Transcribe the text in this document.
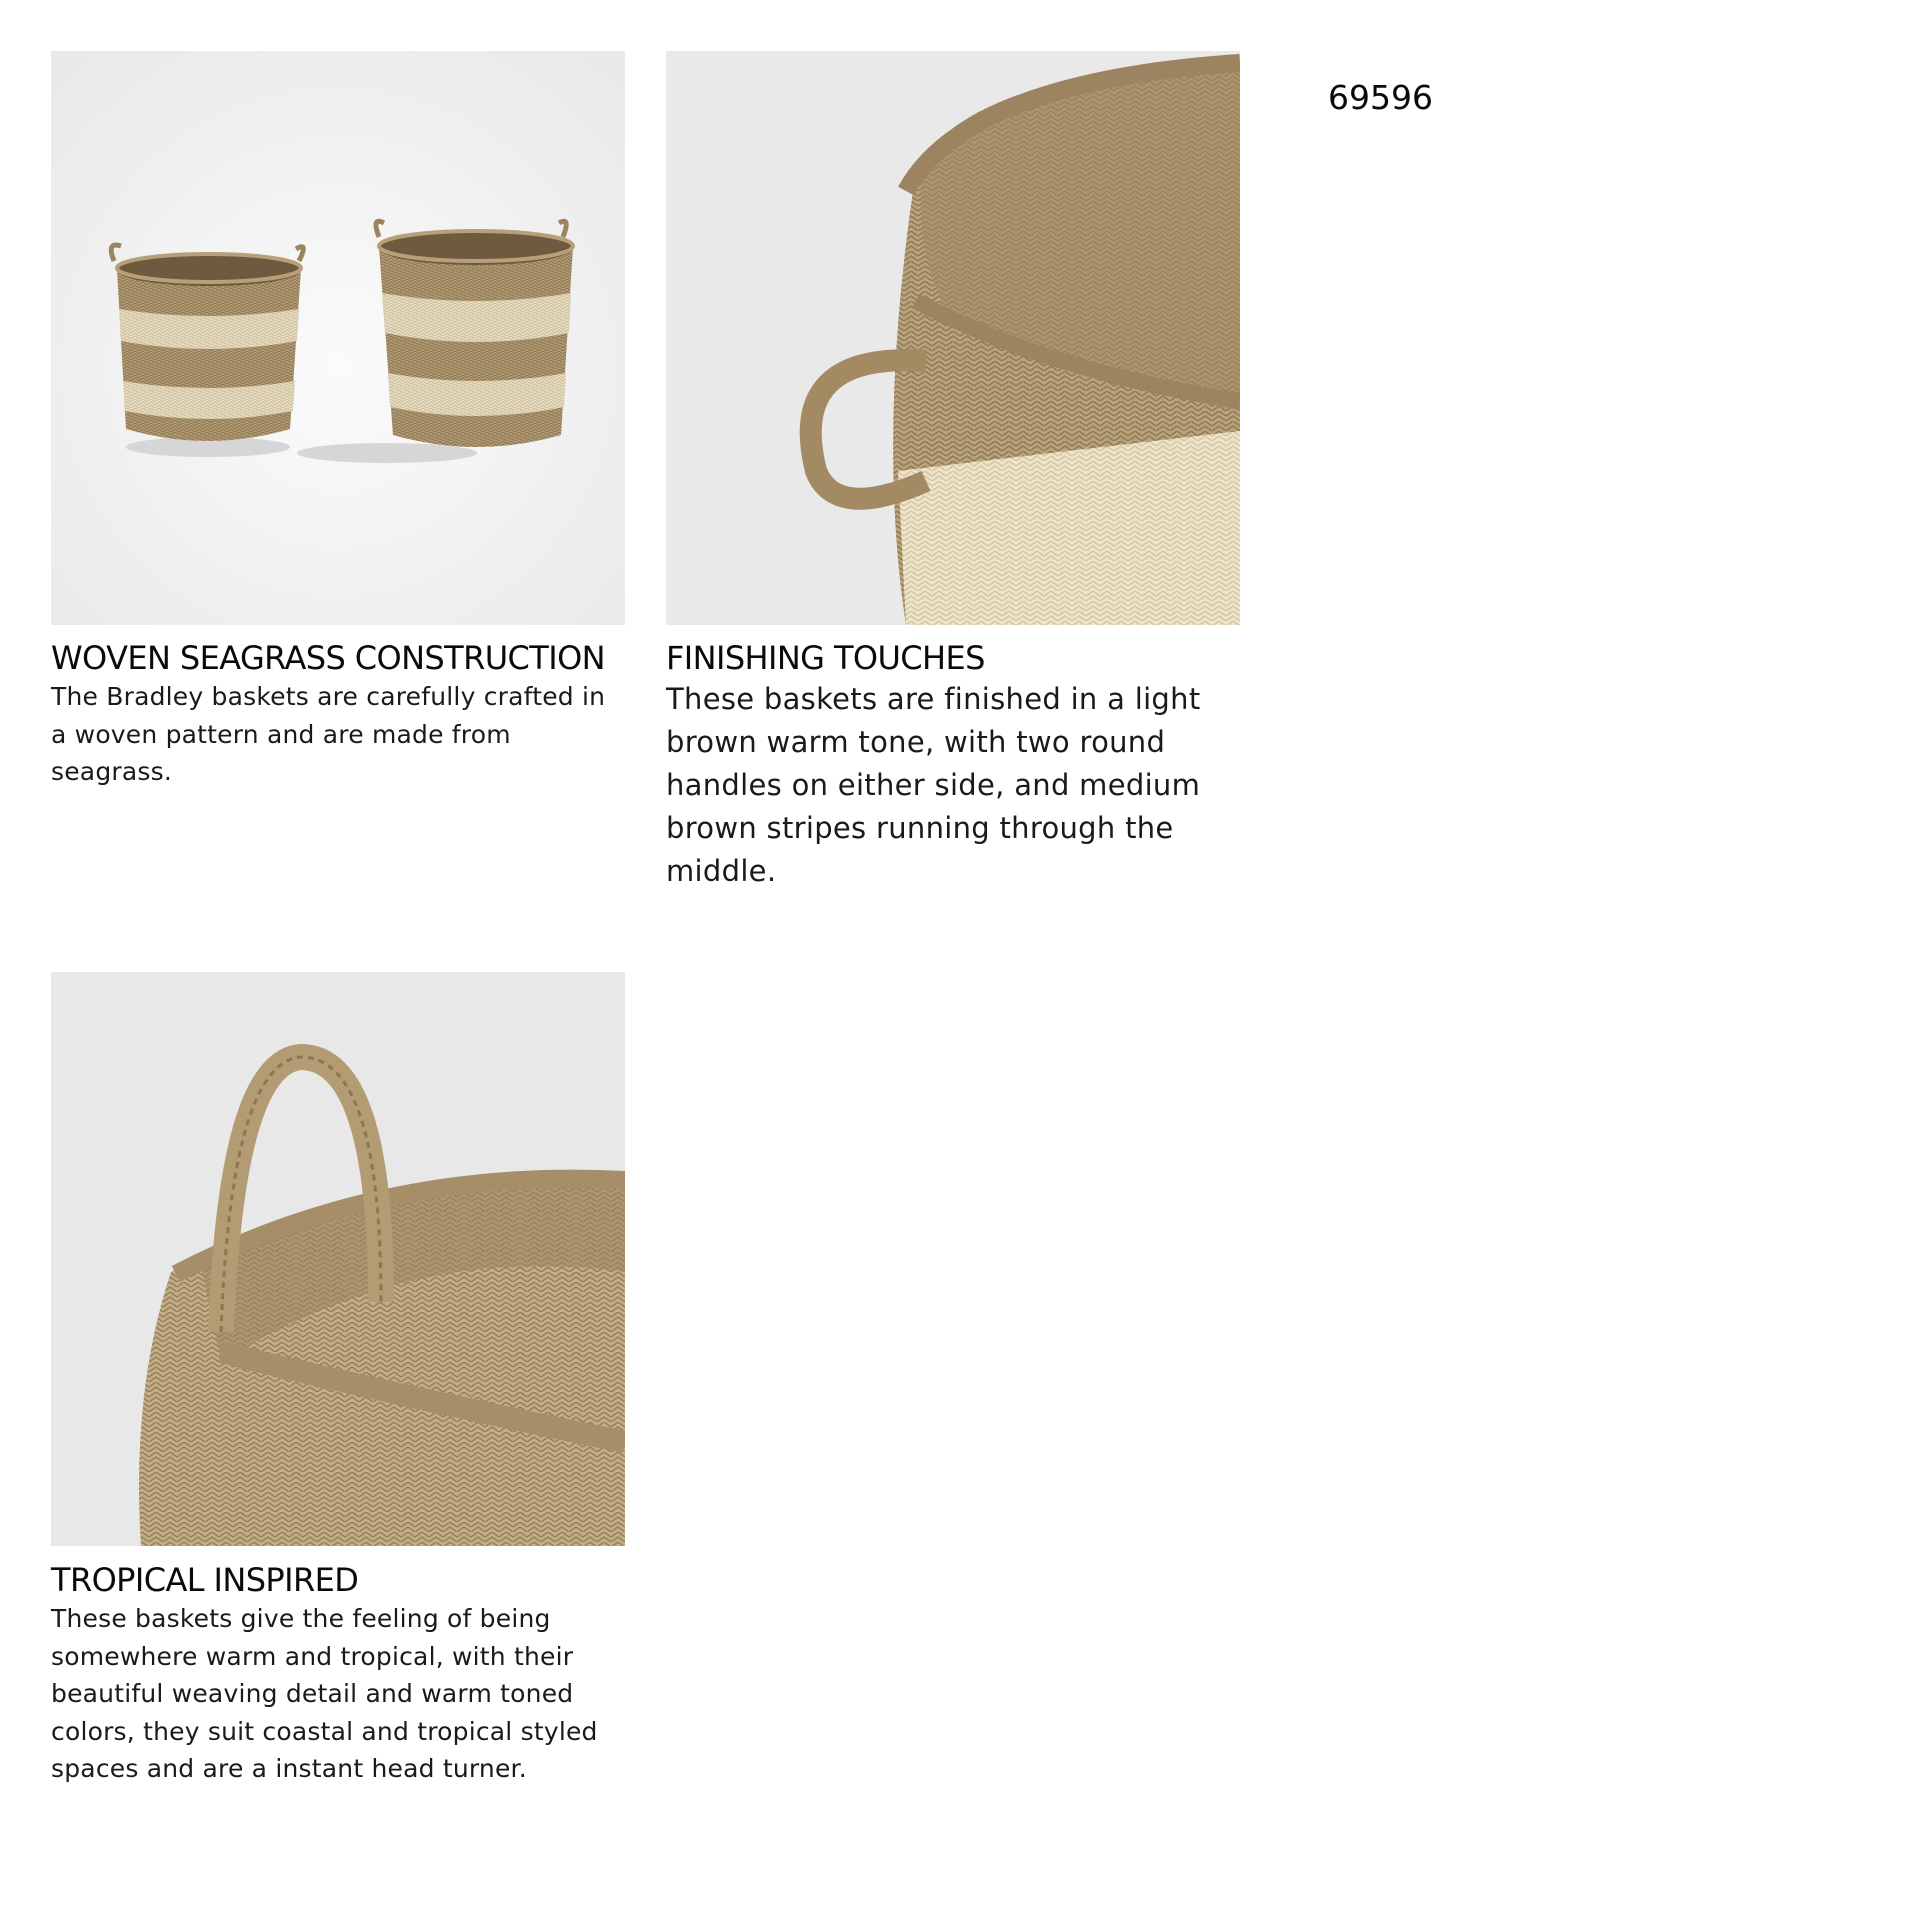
WOVEN SEAGRASS CONSTRUCTION

The Bradley baskets are carefully crafted in a woven pattern and are made from seagrass.

FINISHING TOUCHES

These baskets are finished in a light brown warm tone, with two round handles on either side, and medium brown stripes running through the middle.

TROPICAL INSPIRED

These baskets give the feeling of being somewhere warm and tropical, with their beautiful weaving detail and warm toned colors, they suit coastal and tropical styled spaces and are a instant head turner.

69596
